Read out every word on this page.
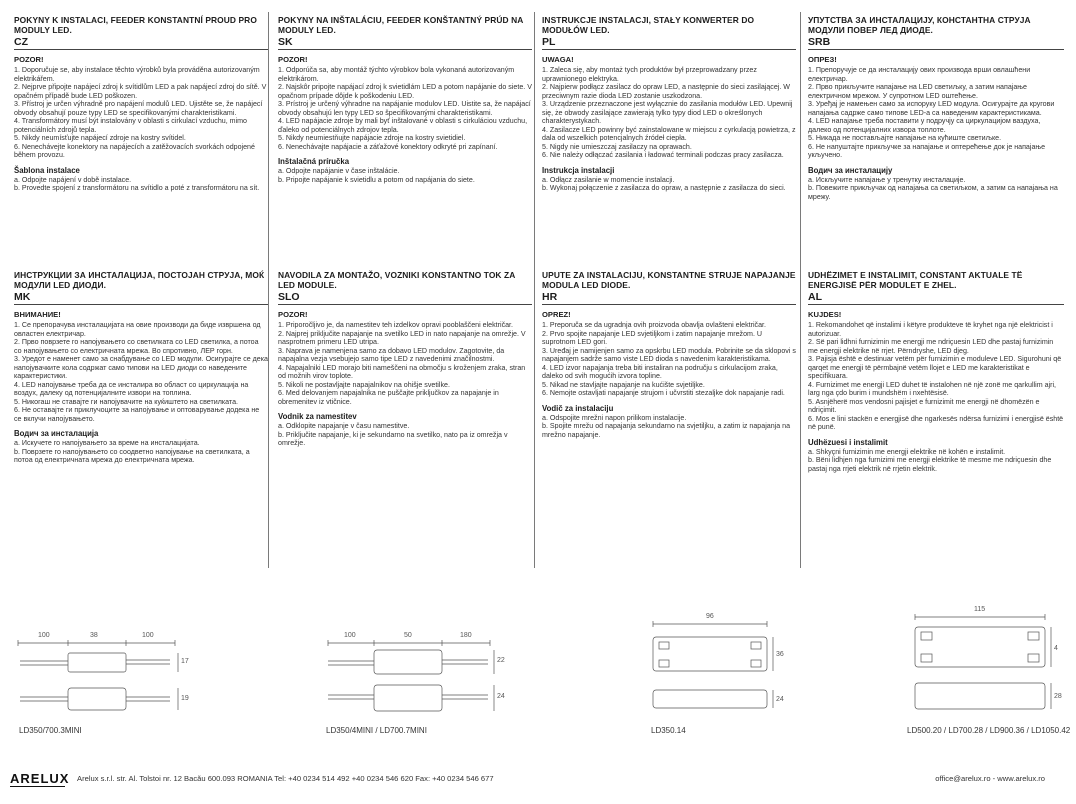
POKYNY K INSTALACI, FEEDER KONSTANTNÍ PROUD PRO MODULY LED.
CZ
POZOR!
1. Doporučuje se, aby instalace těchto výrobků byla prováděna autorizovaným elektrikářem.
2. Nejprve připojte napájecí zdroj k svítidlům LED a pak napájecí zdroj do sítě. V opačném případě bude LED poškozen.
3. Přístroj je určen výhradně pro napájení modulů LED. Ujistěte se, že napájecí obvody obsahují pouze typy LED se specifikovanými charakteristikami.
4. Transformátory musí být instalovány v oblasti s cirkulací vzduchu, mimo potenciálních zdrojů tepla.
5. Nikdy neumísťujte napájecí zdroje na kostry svítidel.
6. Nenechávejte konektory na napájecích a zatěžovacích svorkách odpojené během provozu.
Šablona instalace
a. Odpojte napájení v době instalace.
b. Provedte spojení z transformátoru na svítidlo a poté z transformátoru na sít.
POKYNY NA INŠTALÁCIU, FEEDER KONŠTANTNÝ PRÚD NA MODULY LED.
SK
POZOR!
1. Odporúča sa, aby montáž týchto výrobkov bola vykonaná autorizovaným elektrikárom.
2. Najskôr pripojte napájací zdroj k svietidlám LED a potom napájanie do siete. V opačnom prípade dôjde k poškodeniu LED.
3. Prístroj je určený výhradne na napájanie modulov LED. Uistite sa, že napájací obvody obsahujú len typy LED so špecifikovanými charakteristikami.
4. LED napájacie zdroje by mali byť inštalované v oblasti s cirkuláciou vzduchu, ďaleko od potenciálnych zdrojov tepla.
5. Nikdy neumiestňujte napájacie zdroje na kostry svietidiel.
6. Nenechávajte napájacie a záťažové konektory odkryté pri zapínaní.
Inštalačná príručka
a. Odpojte napájanie v čase inštalácie.
b. Pripojte napájanie k svietidlu a potom od napájania do siete.
INSTRUKCJE INSTALACJI, STAŁY KONWERTER DO MODUŁÓW LED.
PL
UWAGA!
1. Zaleca się, aby montaż tych produktów był przeprowadzany przez uprawnionego elektryka.
2. Najpierw podłącz zasilacz do opraw LED, a następnie do sieci zasilającej. W przeciwnym razie dioda LED zostanie uszkodzona.
3. Urządzenie przeznaczone jest wyłącznie do zasilania modułów LED. Upewnij się, że obwody zasilające zawierają tylko typy diod LED o określonych charakterystykach.
4. Zasilacze LED powinny być zainstalowane w miejscu z cyrkulacją powietrza, z dala od wszelkich potencjalnych źródeł ciepła.
5. Nigdy nie umieszczaj zasilaczy na oprawach.
6. Nie należy odłączać zasilania i ładować terminali podczas pracy zasilacza.
Instrukcja instalacji
a. Odłącz zasilanie w momencie instalacji.
b. Wykonaj połączenie z zasilacza do opraw, a następnie z zasilacza do sieci.
УПУТСТВА ЗА ИНСТАЛАЦИЈУ, КОНСТАНТНА СТРУЈА МОДУЛИ ПОВЕР ЛЕД ДИОДЕ.
SRB
ОПРЕЗ!
1. Препоручује се да инсталацију ових производа врши овлашћени електричар.
2. Прво прикључите напајање на LED светиљку, а затим напајање електричном мрежом. У супротном LED оштећење.
3. Уређај је намењен само за испоруку LED модула. Осигурајте да кругови напајања садрже само типове LED-а са наведеним карактеристикама.
4. LED напајање треба поставити у подручју са циркулацијом ваздуха, далеко од потенцијалних извора топлоте.
5. Никада не постављајте напајање на кућиште светиљке.
6. Не напуштајте прикључке за напајање и оптерећење док је напајање укључено.
Водич за инсталацију
a. Искључите напајање у тренутку инсталације.
b. Повежите прикључак од напајања са светиљком, а затим са напајања на мрежу.
ИНСТРУКЦИИ ЗА ИНСТАЛАЦИЈА, ПОСТОЈАН СТРУЈА, МОЌ МОДУЛИ LED ДИОДИ.
MK
ВНИМАНИЕ!
1. Се препорачува инсталацијата на овие производи да биде извршена од овластен електричар.
2. Прво поврзете го напојувањето со светилката со LED светилка, а потоа со напојувањето со електричната мрежа. Во спротивно, ЛЕР горн.
3. Уредот е наменет само за снабдување со LED модули. Осигурајте се дека напојувачките кола содржат само типови на LED диоди со наведените карактеристики.
4. LED напојување треба да се инсталира во област со циркулација на воздух, далеку од потенцијалните извори на топлина.
5. Никогаш не ставајте ги напојувачите на куќиштето на светилката.
6. Не оставајте ги приклучоците за напојување и оптоварување додека не се вклучи напојувањето.
Водич за инсталација
a. Искучете го напојувањето за време на инсталацијата.
b. Поврзете го напојувањето со соодветно напојување на светилката, а потоа од електричната мрежа до електричната мрежа.
NAVODILA ZA MONTAŽO, VOZNIKI KONSTANTNO TOK ZA LED MODULE.
SLO
POZOR!
1. Priporočljivo je, da namestitev teh izdelkov opravi pooblaščeni električar.
2. Najprej priključite napajanje na svetilko LED in nato napajanje na omrežje. V nasprotnem primeru LED utripa.
3. Naprava je namenjena samo za dobavo LED modulov. Zagotovite, da napajalna vezja vsebujejo samo tipe LED z navedenimi značilnostmi.
4. Napajalniki LED morajo biti nameščeni na območju s kroženjem zraka, stran od možnih virov toplote.
5. Nikoli ne postavljajte napajalnikov na ohišje svetilke.
6. Med delovanjem napajalnika ne puščajte priključkov za napajanje in obremenitev iz vtičnice.
Vodnik za namestitev
a. Odklopite napajanje v času namestitve.
b. Priključite napajanje, ki je sekundarno na svetilko, nato pa iz omrežja v omrežje.
UPUTE ZA INSTALACIJU, KONSTANTNE STRUJE NAPAJANJE MODULA LED DIODE.
HR
OPREZ!
1. Preporuča se da ugradnja ovih proizvoda obavlja ovlašteni električar.
2. Prvo spojite napajanje LED svjetiljkom i zatim napajanje mrežom. U suprotnom LED gori.
3. Uređaj je namijenjen samo za opskrbu LED modula. Pobrinite se da sklopovi s napajanjem sadrže samo viste LED dioda s navedenim karakteristikama.
4. LED izvor napajanja treba biti instaliran na području s cirkulacijom zraka, daleko od svih mogućih izvora topline.
5. Nikad ne stavljajte napajanje na kućište svjetiljke.
6. Nemojte ostavljati napajanje strujom i učvrstiti stezaljke dok napajanje radi.
Vodič za instalaciju
a. Odspojite mrežni napon prilikom instalacije.
b. Spojite mrežu od napajanja sekundarno na svjetiljku, a zatim iz napajanja na mrežno napajanje.
UDHËZIMET E INSTALIMIT, CONSTANT AKTUALE TË ENERGJISË PËR MODULET E ZHEL.
AL
KUJDES!
1. Rekomandohet që instalimi i këtyre produkteve të kryhet nga një elektricist i autorizuar.
2. Së pari lidhni furnizimin me energji me ndriçuesin LED dhe pastaj furnizimin me energji elektrike në rrjet. Përndryshe, LED djeg.
3. Pajisja është e destinuar vetëm për furnizimin e moduleve LED. Sigurohuni që qarqet me energji të përmbajnë vetëm llojet e LED me karakteristikat e specifikuara.
4. Furnizimet me energji LED duhet të instalohen në një zonë me qarkullim ajri, larg nga çdo burim i mundshëm i nxehtësisë.
5. Asnjëherë mos vendosni pajisjet e furnizimit me energji në dhomëzën e ndriçimit.
6. Mos e lini stackën e energjisë dhe ngarkesës ndërsa furnizimi i energjisë është në punë.
Udhëzuesi i instalimit
a. Shkyçni furnizimin me energji elektrike në kohën e instalimit.
b. Bëni lidhjen nga furnizimi me energji elektrike të mesme me ndriçuesin dhe pastaj nga rrjeti elektrik në rrjetin elektrik.
100	38	100
17
19
LD350/700.3MINI
100	50	180
22
24
LD350/4MINI / LD700.7MINI
96
36
24
LD350.14
115
4
28
LD500.20 / LD700.28 / LD900.36 / LD1050.42
ARELUX Arelux s.r.l. str. Al. Tolstoi nr. 12 Bacău 600.093 ROMANIA Tel: +40 0234 514 492 +40 0234 546 620 Fax: +40 0234 546 677	office@arelux.ro - www.arelux.ro
